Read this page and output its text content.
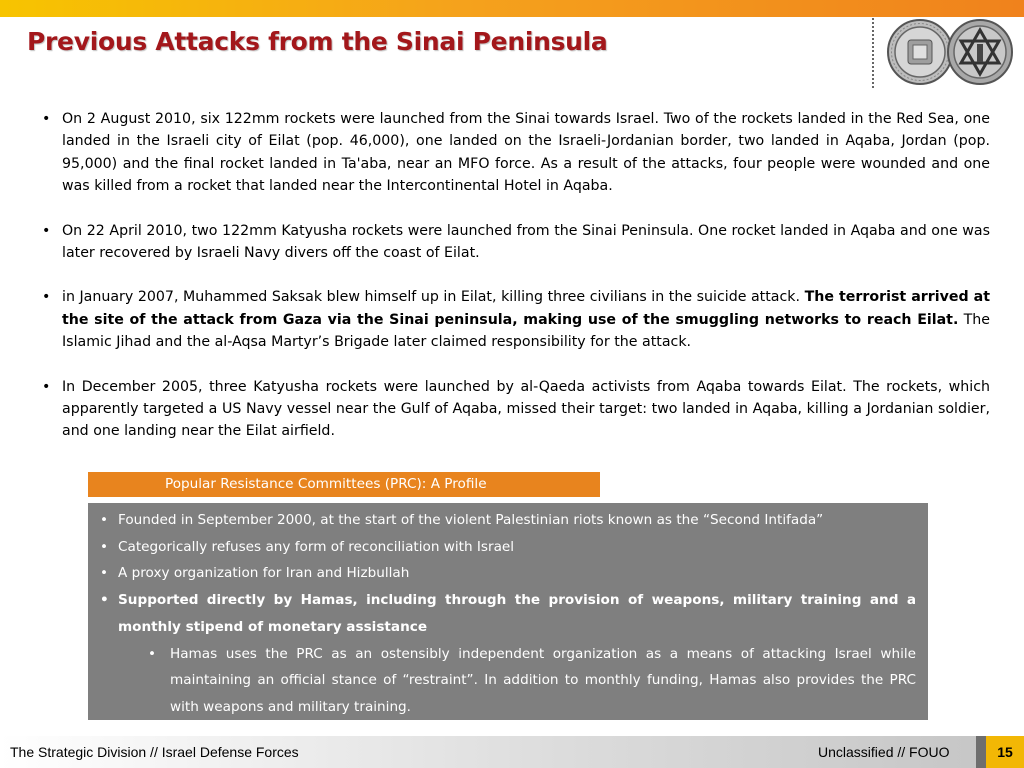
Previous Attacks from the Sinai Peninsula
• On 2 August 2010, six 122mm rockets were launched from the Sinai towards Israel. Two of the rockets landed in the Red Sea, one landed in the Israeli city of Eilat (pop. 46,000), one landed on the Israeli-Jordanian border, two landed in Aqaba, Jordan (pop. 95,000) and the final rocket landed in Ta'aba, near an MFO force. As a result of the attacks, four people were wounded and one was killed from a rocket that landed near the Intercontinental Hotel in Aqaba.
• On 22 April 2010, two 122mm Katyusha rockets were launched from the Sinai Peninsula. One rocket landed in Aqaba and one was later recovered by Israeli Navy divers off the coast of Eilat.
• in January 2007, Muhammed Saksak blew himself up in Eilat, killing three civilians in the suicide attack. The terrorist arrived at the site of the attack from Gaza via the Sinai peninsula, making use of the smuggling networks to reach Eilat. The Islamic Jihad and the al-Aqsa Martyr’s Brigade later claimed responsibility for the attack.
• In December 2005, three Katyusha rockets were launched by al-Qaeda activists from Aqaba towards Eilat. The rockets, which apparently targeted a US Navy vessel near the Gulf of Aqaba, missed their target: two landed in Aqaba, killing a Jordanian soldier, and one landing near the Eilat airfield.
Popular Resistance Committees (PRC): A Profile
• Founded in September 2000, at the start of the violent Palestinian riots known as the “Second Intifada”
• Categorically refuses any form of reconciliation with Israel
• A proxy organization for Iran and Hizbullah
• Supported directly by Hamas, including through the provision of weapons, military training and a monthly stipend of monetary assistance
• Hamas uses the PRC as an ostensibly independent organization as a means of attacking Israel while maintaining an official stance of “restraint”. In addition to monthly funding, Hamas also provides the PRC with weapons and military training.
The Strategic Division // Israel Defense Forces	Unclassified // FOUO	15
